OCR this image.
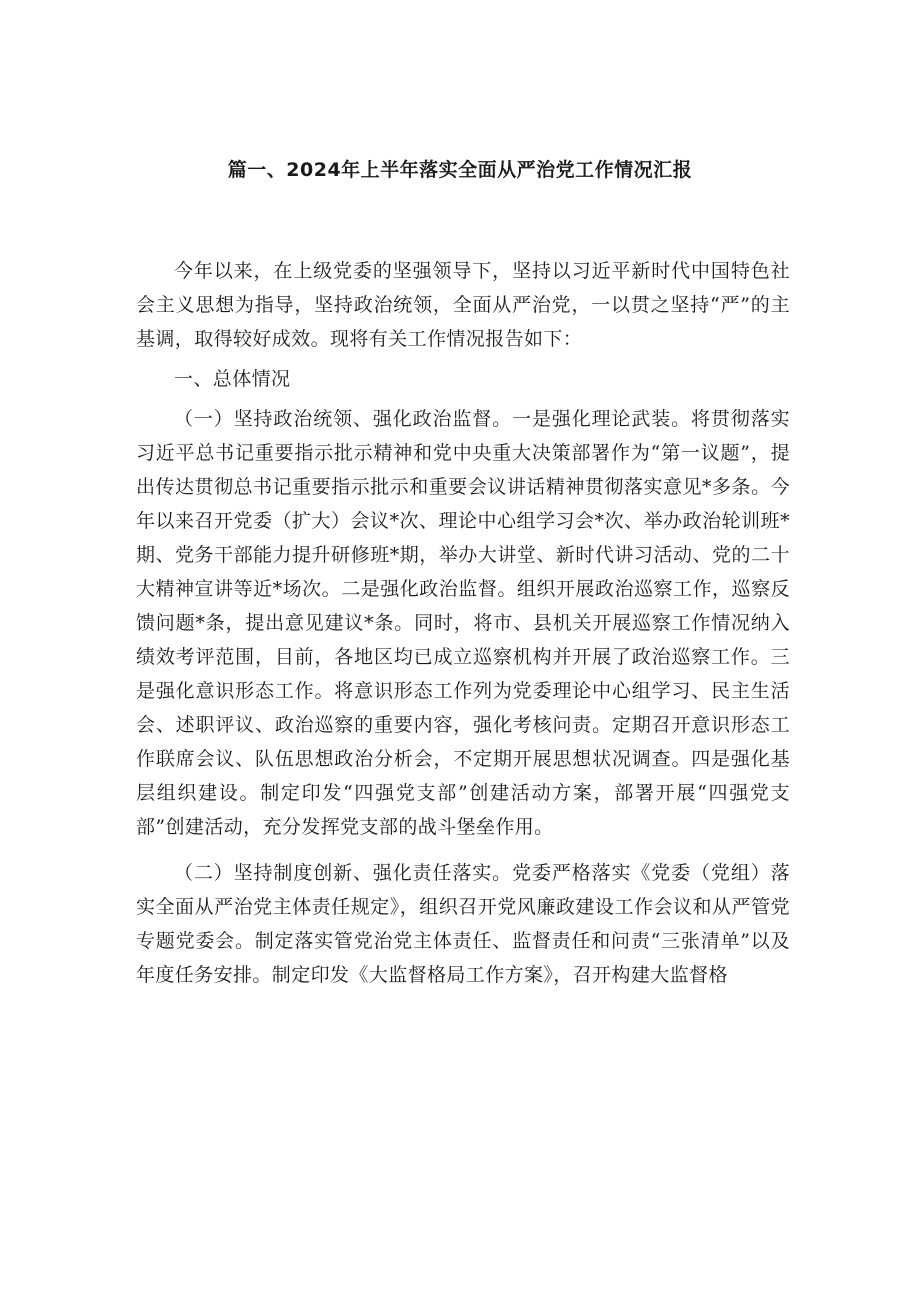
篇一、2024年上半年落实全面从严治党工作情况汇报

今年以来，在上级党委的坚强领导下，坚持以习近平新时代中国特色社会主义思想为指导，坚持政治统领，全面从严治党，一以贯之坚持“严”的主基调，取得较好成效。现将有关工作情况报告如下：

一、总体情况

（一）坚持政治统领、强化政治监督。一是强化理论武装。将贯彻落实习近平总书记重要指示批示精神和党中央重大决策部署作为“第一议题”，提出传达贯彻总书记重要指示批示和重要会议讲话精神贯彻落实意见*多条。今年以来召开党委（扩大）会议*次、理论中心组学习会*次、举办政治轮训班*期、党务干部能力提升研修班*期，举办大讲堂、新时代讲习活动、党的二十大精神宣讲等近*场次。二是强化政治监督。组织开展政治巡察工作，巡察反馈问题*条，提出意见建议*条。同时，将市、县机关开展巡察工作情况纳入绩效考评范围，目前，各地区均已成立巡察机构并开展了政治巡察工作。三是强化意识形态工作。将意识形态工作列为党委理论中心组学习、民主生活会、述职评议、政治巡察的重要内容，强化考核问责。定期召开意识形态工作联席会议、队伍思想政治分析会，不定期开展思想状况调查。四是强化基层组织建设。制定印发“四强党支部”创建活动方案，部署开展“四强党支部”创建活动，充分发挥党支部的战斗堡垒作用。

（二）坚持制度创新、强化责任落实。党委严格落实《党委（党组）落实全面从严治党主体责任规定》，组织召开党风廉政建设工作会议和从严管党专题党委会。制定落实管党治党主体责任、监督责任和问责“三张清单”以及年度任务安排。制定印发《大监督格局工作方案》，召开构建大监督格
